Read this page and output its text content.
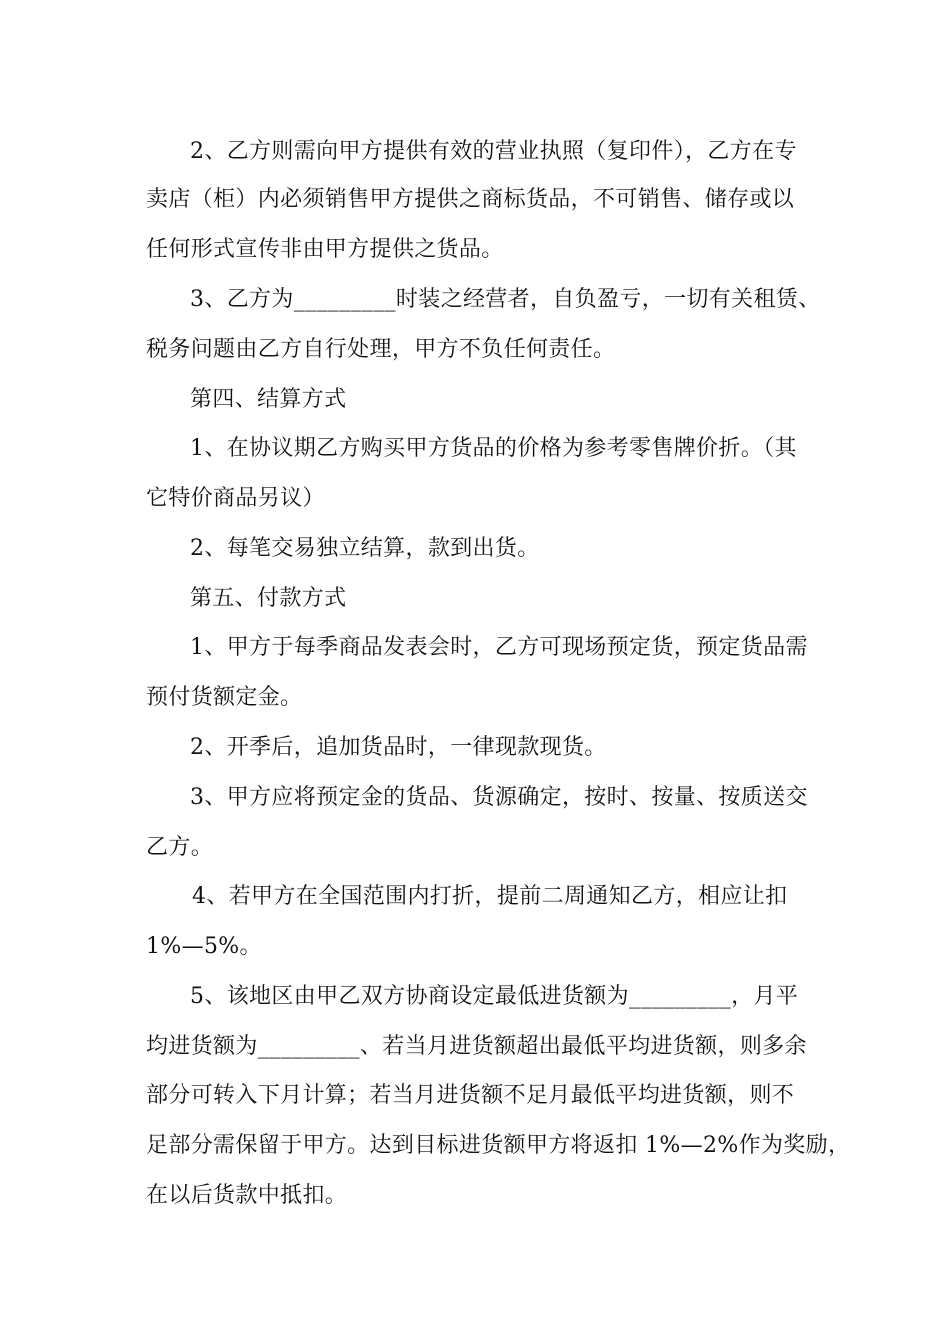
2、乙方则需向甲方提供有效的营业执照（复印件），乙方在专
卖店（柜）内必须销售甲方提供之商标货品，不可销售、储存或以
任何形式宣传非由甲方提供之货品。
3、乙方为_________时装之经营者，自负盈亏，一切有关租赁、
税务问题由乙方自行处理，甲方不负任何责任。
第四、结算方式
1、在协议期乙方购买甲方货品的价格为参考零售牌价折。（其
它特价商品另议）
2、每笔交易独立结算，款到出货。
第五、付款方式
1、甲方于每季商品发表会时，乙方可现场预定货，预定货品需
预付货额定金。
2、开季后，追加货品时，一律现款现货。
3、甲方应将预定金的货品、货源确定，按时、按量、按质送交
乙方。
4、若甲方在全国范围内打折，提前二周通知乙方，相应让扣
1%—5%。
5、该地区由甲乙双方协商设定最低进货额为_________，月平
均进货额为_________、若当月进货额超出最低平均进货额，则多余
部分可转入下月计算；若当月进货额不足月最低平均进货额，则不
足部分需保留于甲方。达到目标进货额甲方将返扣 1%—2%作为奖励，
在以后货款中抵扣。
